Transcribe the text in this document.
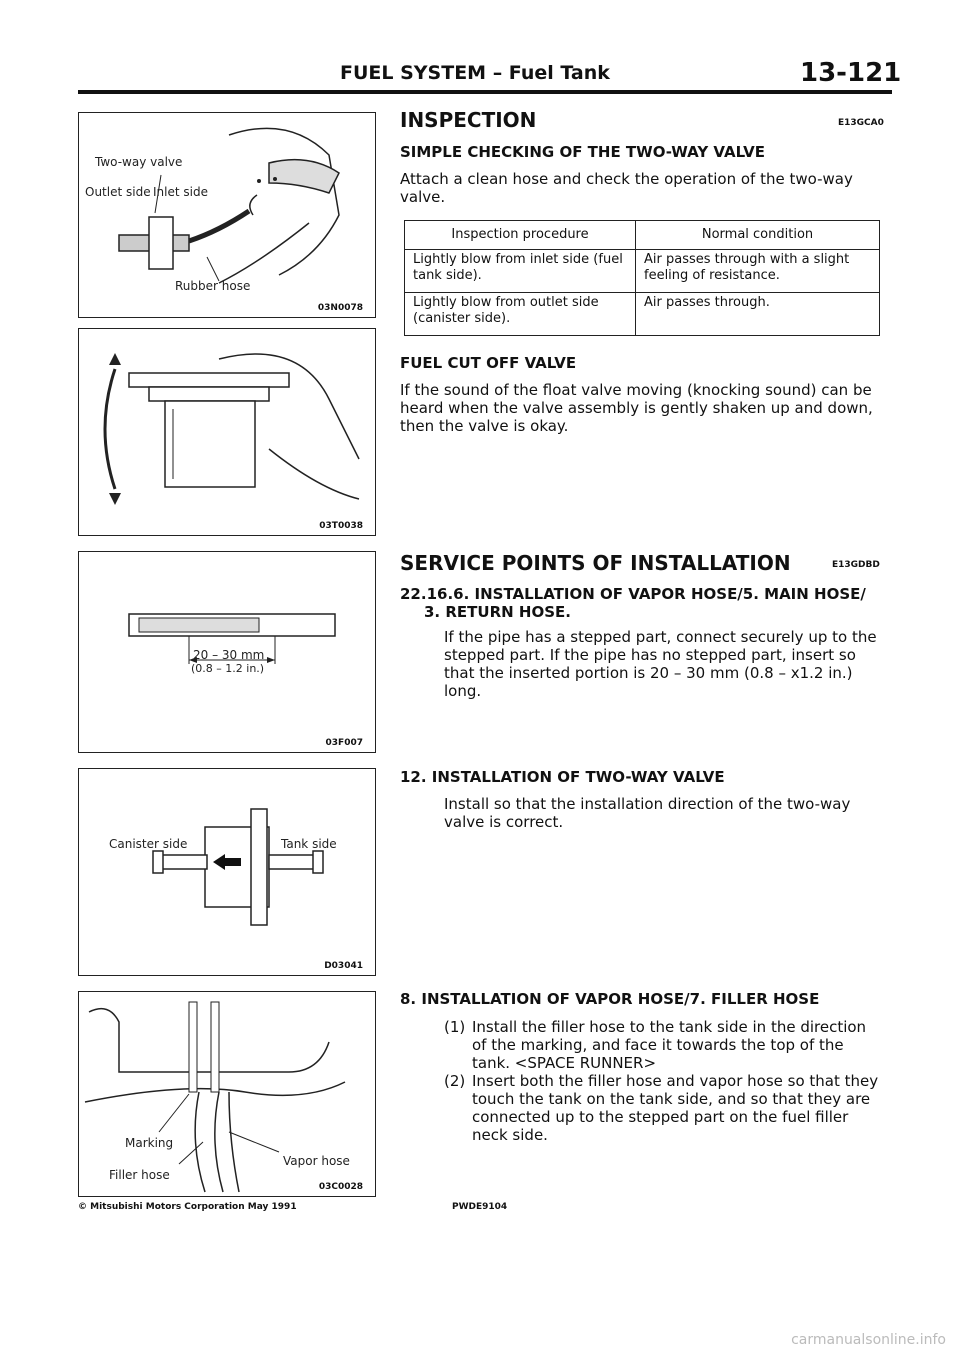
FUEL SYSTEM – Fuel Tank	13-121
Two-way valve
Outlet side Inlet side
Rubber hose
03N0078
03T0038
20 – 30 mm
(0.8 – 1.2 in.)
03F007
Canister side	Tank side
D03041
Marking
Filler hose
Vapor hose
03C0028
INSPECTION	E13GCA0
SIMPLE CHECKING OF THE TWO-WAY VALVE
Attach a clean hose and check the operation of the two-way valve.
Inspection procedure	Normal condition
Lightly blow from inlet side (fuel tank side).	Air passes through with a slight feeling of resistance.
Lightly blow from outlet side (canister side).	Air passes through.
FUEL CUT OFF VALVE
If the sound of the float valve moving (knocking sound) can be heard when the valve assembly is gently shaken up and down, then the valve is okay.
SERVICE POINTS OF INSTALLATION	E13GDBD
22.16.6. INSTALLATION OF VAPOR HOSE/5. MAIN HOSE/
3. RETURN HOSE.
If the pipe has a stepped part, connect securely up to the stepped part. If the pipe has no stepped part, insert so that the inserted portion is 20 – 30 mm (0.8 – x1.2 in.) long.
12. INSTALLATION OF TWO-WAY VALVE
Install so that the installation direction of the two-way valve is correct.
8. INSTALLATION OF VAPOR HOSE/7. FILLER HOSE
(1) Install the filler hose to the tank side in the direction of the marking, and face it towards the top of the tank. <SPACE RUNNER>
(2) Insert both the filler hose and vapor hose so that they touch the tank on the tank side, and so that they are connected up to the stepped part on the fuel filler neck side.
© Mitsubishi Motors Corporation May 1991	PWDE9104
carmanualsonline.info
